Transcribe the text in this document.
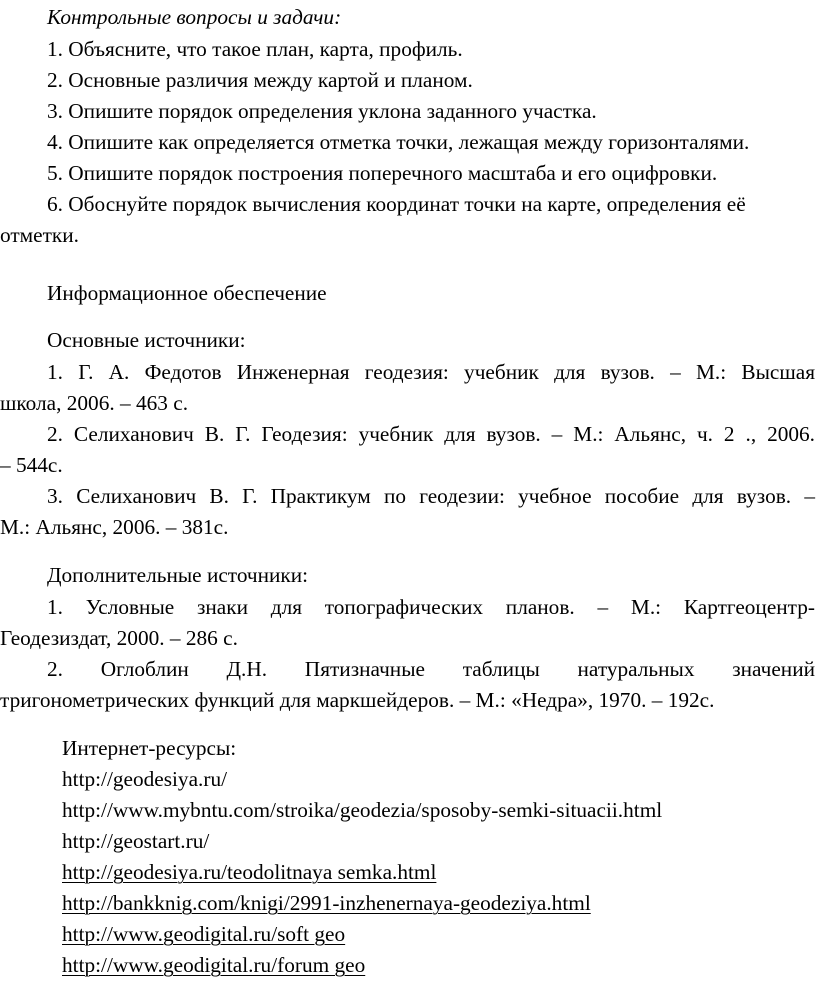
Контрольные вопросы и задачи:
1. Объясните, что такое план, карта, профиль.
2. Основные различия между картой и планом.
3. Опишите порядок определения уклона заданного участка.
4. Опишите как определяется отметка точки, лежащая между горизонталями.
5. Опишите порядок построения поперечного масштаба и его оцифровки.
6. Обоснуйте порядок вычисления координат точки на карте, определения её
отметки.
Информационное обеспечение
Основные источники:
1. Г. А. Федотов Инженерная геодезия: учебник для вузов. – М.: Высшая
школа, 2006. – 463 с.
2. Селиханович В. Г. Геодезия: учебник для вузов. – М.: Альянс, ч. 2 ., 2006.
– 544с.
3. Селиханович В. Г. Практикум по геодезии: учебное пособие для вузов. –
М.: Альянс, 2006. – 381с.
Дополнительные источники:
1. Условные знаки для топографических планов. – М.: Картгеоцентр-
Геодезиздат, 2000. – 286 с.
2. Оглоблин Д.Н. Пятизначные таблицы натуральных значений
тригонометрических функций для маркшейдеров. – М.: «Недра», 1970. – 192с.
Интернет-ресурсы:
http://geodesiya.ru/
http://www.mybntu.com/stroika/geodezia/sposoby-semki-situacii.html
http://geostart.ru/
http://geodesiya.ru/teodolitnaya semka.html
http://bankknig.com/knigi/2991-inzhenernaya-geodeziya.html
http://www.geodigital.ru/soft geo
http://www.geodigital.ru/forum geo
